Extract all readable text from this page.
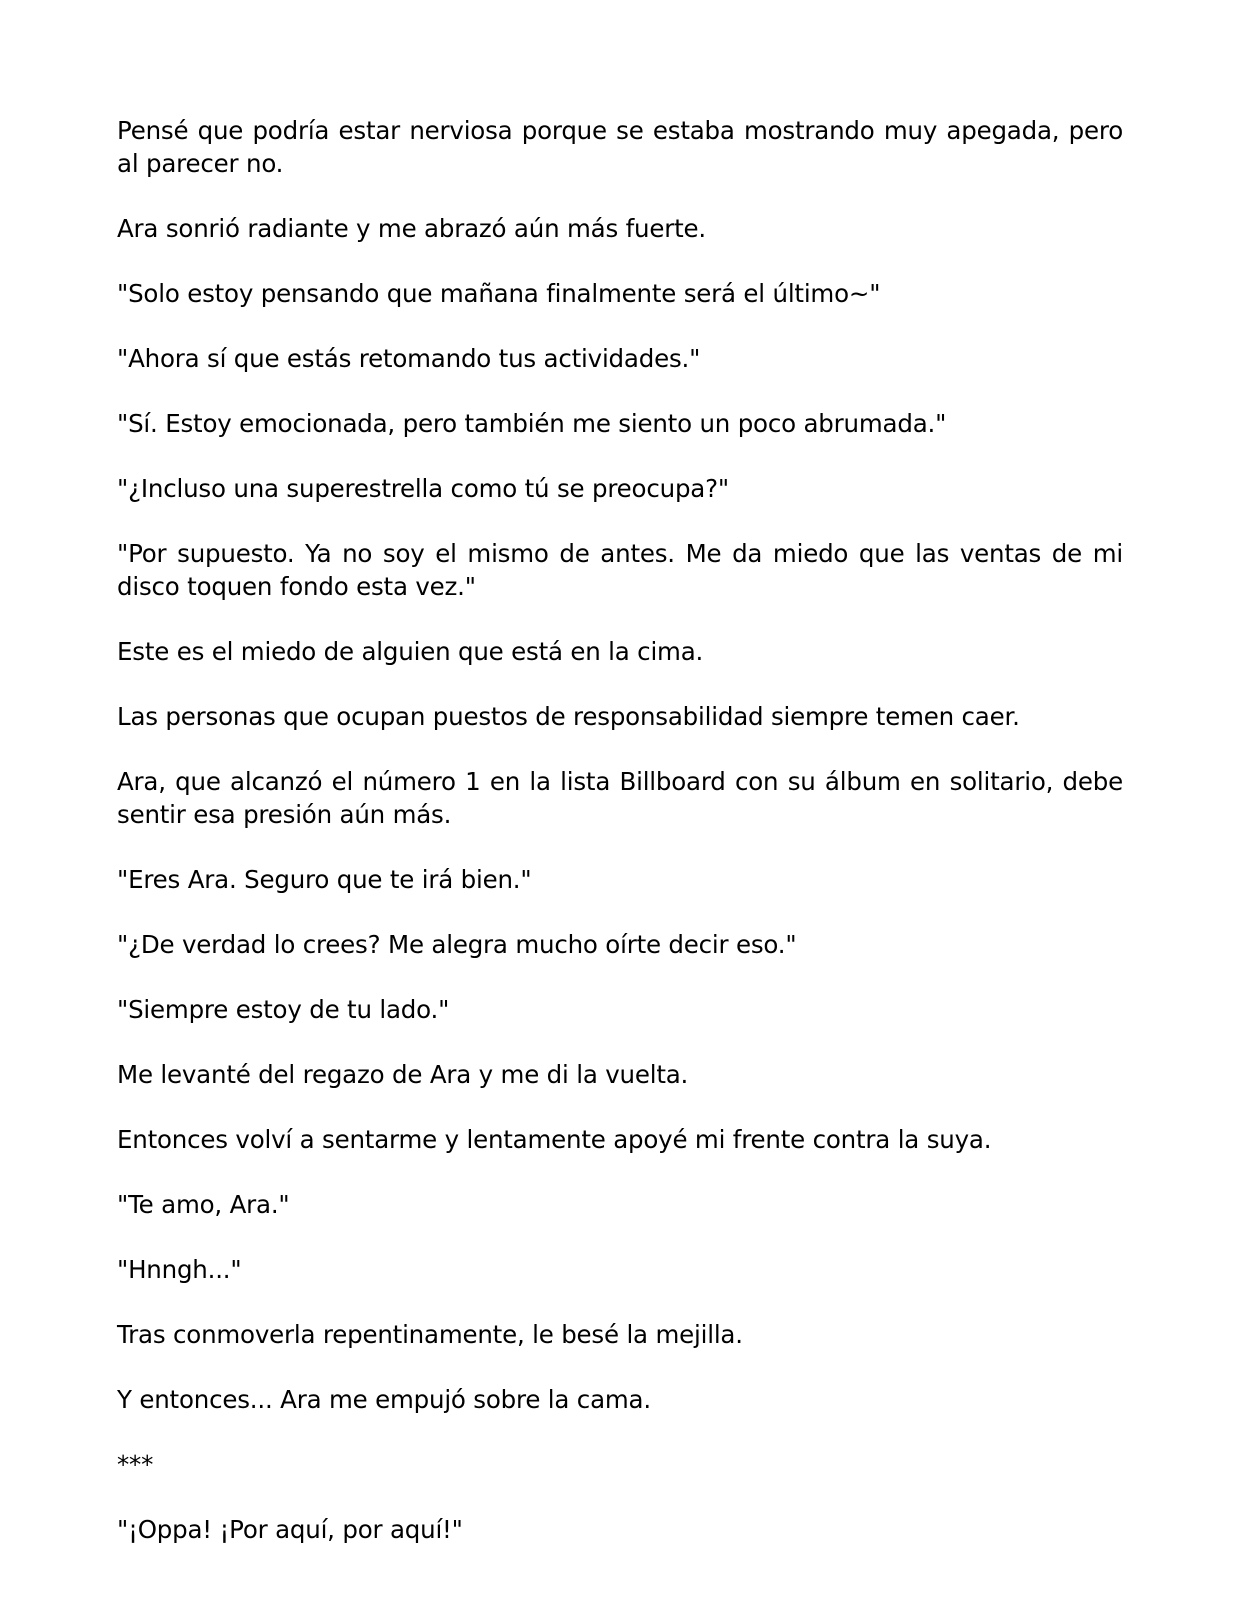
Pensé que podría estar nerviosa porque se estaba mostrando muy apegada, pero al parecer no.

Ara sonrió radiante y me abrazó aún más fuerte.

"Solo estoy pensando que mañana finalmente será el último~"

"Ahora sí que estás retomando tus actividades."

"Sí. Estoy emocionada, pero también me siento un poco abrumada."

"¿Incluso una superestrella como tú se preocupa?"

"Por supuesto. Ya no soy el mismo de antes. Me da miedo que las ventas de mi disco toquen fondo esta vez."

Este es el miedo de alguien que está en la cima.

Las personas que ocupan puestos de responsabilidad siempre temen caer.

Ara, que alcanzó el número 1 en la lista Billboard con su álbum en solitario, debe sentir esa presión aún más.

"Eres Ara. Seguro que te irá bien."

"¿De verdad lo crees? Me alegra mucho oírte decir eso."

"Siempre estoy de tu lado."

Me levanté del regazo de Ara y me di la vuelta.

Entonces volví a sentarme y lentamente apoyé mi frente contra la suya.

"Te amo, Ara."

"Hnngh..."

Tras conmoverla repentinamente, le besé la mejilla.

Y entonces... Ara me empujó sobre la cama.

***

"¡Oppa! ¡Por aquí, por aquí!"
